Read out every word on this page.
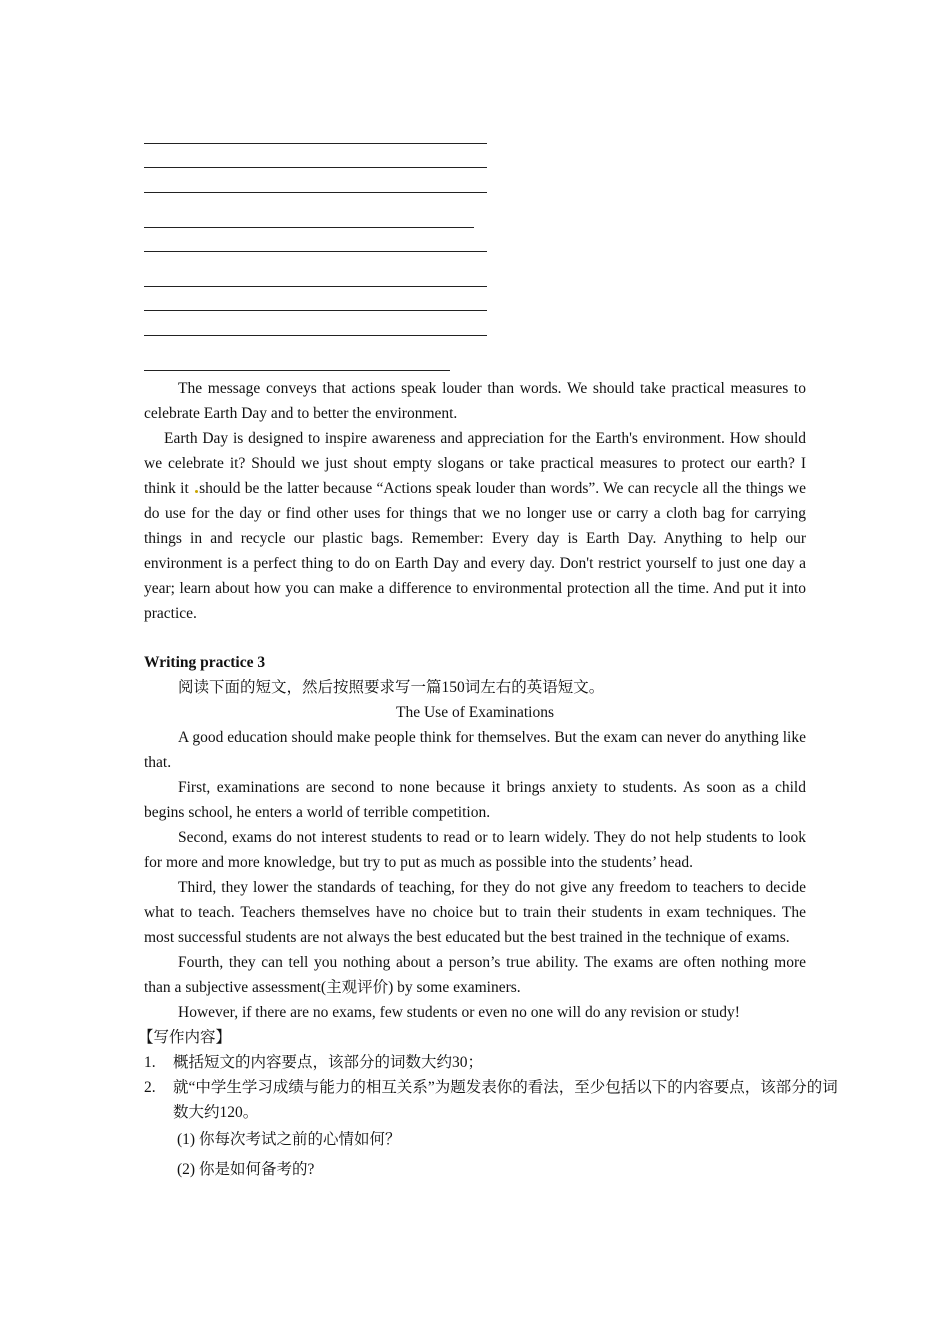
The message conveys that actions speak louder than words. We should take practical measures to celebrate Earth Day and to better the environment.

Earth Day is designed to inspire awareness and appreciation for the Earth's environment. How should we celebrate it? Should we just shout empty slogans or take practical measures to protect our earth? I think it should be the latter because “Actions speak louder than words”. We can recycle all the things we do use for the day or find other uses for things that we no longer use or carry a cloth bag for carrying things in and recycle our plastic bags. Remember: Every day is Earth Day. Anything to help our environment is a perfect thing to do on Earth Day and every day. Don't restrict yourself to just one day a year; learn about how you can make a difference to environmental protection all the time. And put it into practice.

Writing practice 3

阅读下面的短文，然后按照要求写一篇150词左右的英语短文。

The Use of Examinations

A good education should make people think for themselves. But the exam can never do anything like that.

First, examinations are second to none because it brings anxiety to students. As soon as a child begins school, he enters a world of terrible competition.

Second, exams do not interest students to read or to learn widely. They do not help students to look for more and more knowledge, but try to put as much as possible into the students’ head.

Third, they lower the standards of teaching, for they do not give any freedom to teachers to decide what to teach. Teachers themselves have no choice but to train their students in exam techniques. The most successful students are not always the best educated but the best trained in the technique of exams.

Fourth, they can tell you nothing about a person’s true ability. The exams are often nothing more than a subjective assessment(主观评价) by some examiners.

However, if there are no exams, few students or even no one will do any revision or study!

【写作内容】

1. 概括短文的内容要点，该部分的词数大约30；
2. 就“中学生学习成绩与能力的相互关系”为题发表你的看法，至少包括以下的内容要点，该部分的词数大约120。

(1) 你每次考试之前的心情如何？

(2) 你是如何备考的?
